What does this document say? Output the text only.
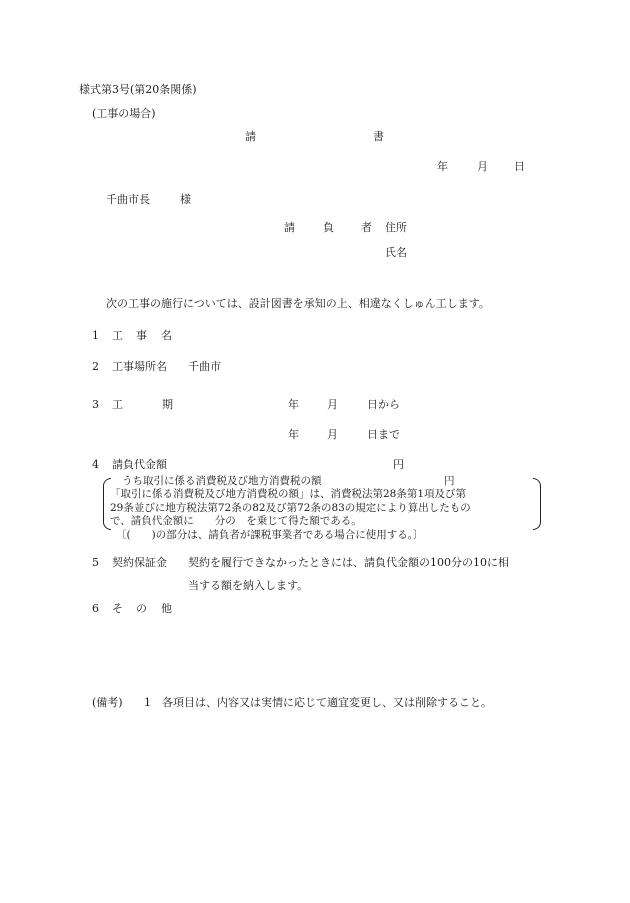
様式第3号(第20条関係)
(工事の場合)
請	書
年	月 日
千曲市長	様
請	負 者 住所
氏名
次の工事の施行については、設計図書を承知の上、相違なくしゅん工します。
1 工 事 名
2 工事場所名 千曲市
3 工	期	年	月	日から
年	月	日まで
4 請負代金額	円
うち取引に係る消費税及び地方消費税の額	円
「取引に係る消費税及び地方消費税の額」は、消費税法第28条第1項及び第
29条並びに地方税法第72条の82及び第72条の83の規定により算出したもの
で、請負代金額に　　分の　を乗じて得た額である。
〔(　　)の部分は、請負者が課税事業者である場合に使用する。〕
5 契約保証金 契約を履行できなかったときには、請負代金額の100分の10に相
当する額を納入します。
6 そ の 他
(備考) 1 各項目は、内容又は実情に応じて適宜変更し、又は削除すること。
